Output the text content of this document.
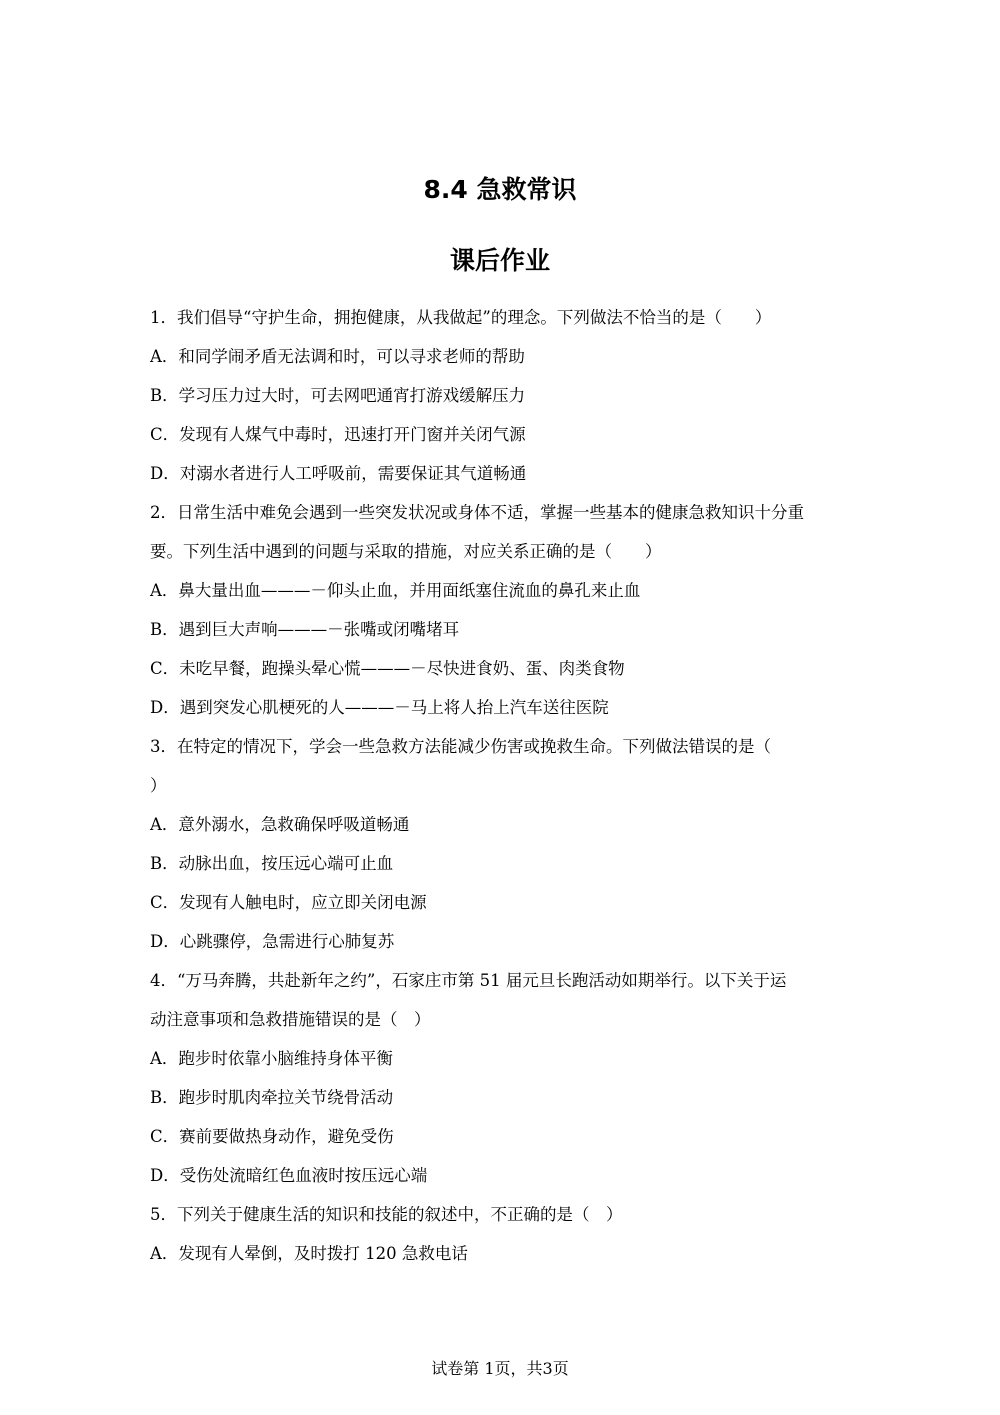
8.4 急救常识
课后作业
1．我们倡导“守护生命，拥抱健康，从我做起”的理念。下列做法不恰当的是（　　）
A．和同学闹矛盾无法调和时，可以寻求老师的帮助
B．学习压力过大时，可去网吧通宵打游戏缓解压力
C．发现有人煤气中毒时，迅速打开门窗并关闭气源
D．对溺水者进行人工呼吸前，需要保证其气道畅通
2．日常生活中难免会遇到一些突发状况或身体不适，掌握一些基本的健康急救知识十分重
要。下列生活中遇到的问题与采取的措施，对应关系正确的是（　　）
A．鼻大量出血———－仰头止血，并用面纸塞住流血的鼻孔来止血
B．遇到巨大声响———－张嘴或闭嘴堵耳
C．未吃早餐，跑操头晕心慌———－尽快进食奶、蛋、肉类食物
D．遇到突发心肌梗死的人———－马上将人抬上汽车送往医院
3．在特定的情况下，学会一些急救方法能减少伤害或挽救生命。下列做法错误的是（
）
A．意外溺水，急救确保呼吸道畅通
B．动脉出血，按压远心端可止血
C．发现有人触电时，应立即关闭电源
D．心跳骤停，急需进行心肺复苏
4．“万马奔腾，共赴新年之约”，石家庄市第 51 届元旦长跑活动如期举行。以下关于运
动注意事项和急救措施错误的是（　）
A．跑步时依靠小脑维持身体平衡
B．跑步时肌肉牵拉关节绕骨活动
C．赛前要做热身动作，避免受伤
D．受伤处流暗红色血液时按压远心端
5．下列关于健康生活的知识和技能的叙述中，不正确的是（　）
A．发现有人晕倒，及时拨打 120 急救电话
试卷第 1页，共3页
